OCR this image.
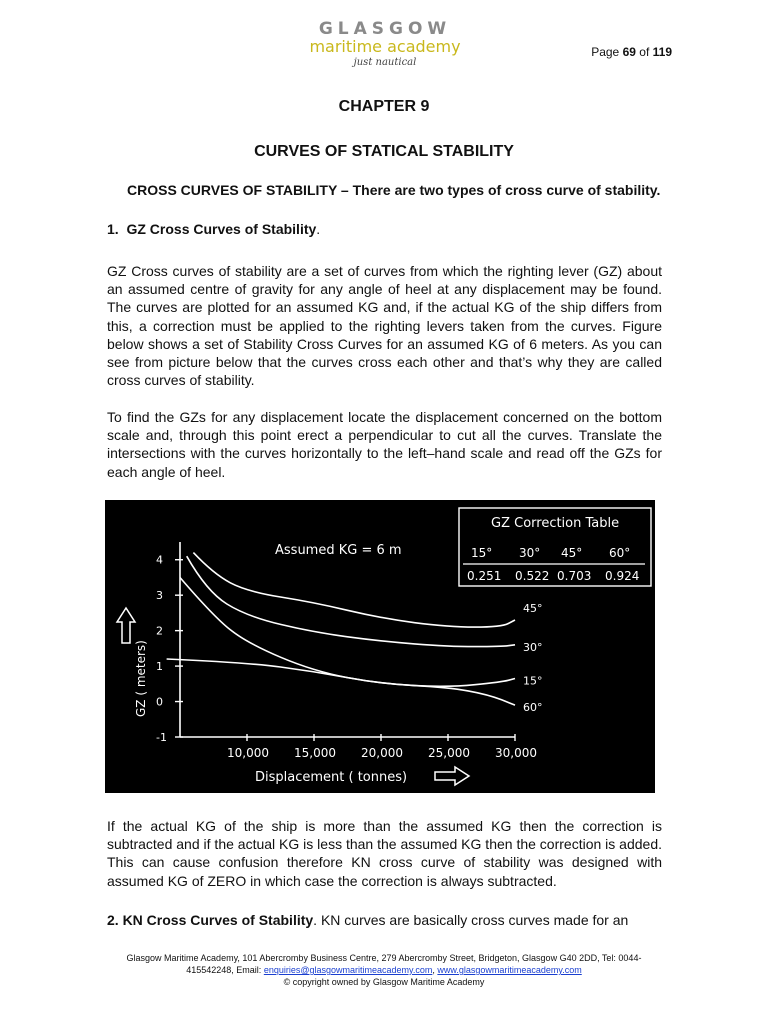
GLASGOW
maritime academy
just nautical
Page 69 of 119
CHAPTER 9
CURVES OF STATICAL STABILITY
CROSS CURVES OF STABILITY – There are two types of cross curve of stability.
1. GZ Cross Curves of Stability.
GZ Cross curves of stability are a set of curves from which the righting lever (GZ) about an assumed centre of gravity for any angle of heel at any displacement may be found. The curves are plotted for an assumed KG and, if the actual KG of the ship differs from this, a correction must be applied to the righting levers taken from the curves. Figure below shows a set of Stability Cross Curves for an assumed KG of 6 meters. As you can see from picture below that the curves cross each other and that’s why they are called cross curves of stability.
To find the GZs for any displacement locate the displacement concerned on the bottom scale and, through this point erect a perpendicular to cut all the curves. Translate the intersections with the curves horizontally to the left–hand scale and read off the GZs for each angle of heel.
4
3
2
1
0
-1
10,000 15,000 20,000 25,000 30,000
45°
30°
15°
60°
Assumed KG = 6 m
Displacement ( tonnes)
GZ ( meters)
GZ Correction Table
15° 30° 45° 60°
0.251 0.522 0.703 0.924
If the actual KG of the ship is more than the assumed KG then the correction is subtracted and if the actual KG is less than the assumed KG then the correction is added. This can cause confusion therefore KN cross curve of stability was designed with assumed KG of ZERO in which case the correction is always subtracted.
2. KN Cross Curves of Stability. KN curves are basically cross curves made for an
Glasgow Maritime Academy, 101 Abercromby Business Centre, 279 Abercromby Street, Bridgeton, Glasgow G40 2DD, Tel: 0044-415542248, Email: enquiries@glasgowmaritimeacademy.com, www.glasgowmaritimeacademy.com
© copyright owned by Glasgow Maritime Academy
